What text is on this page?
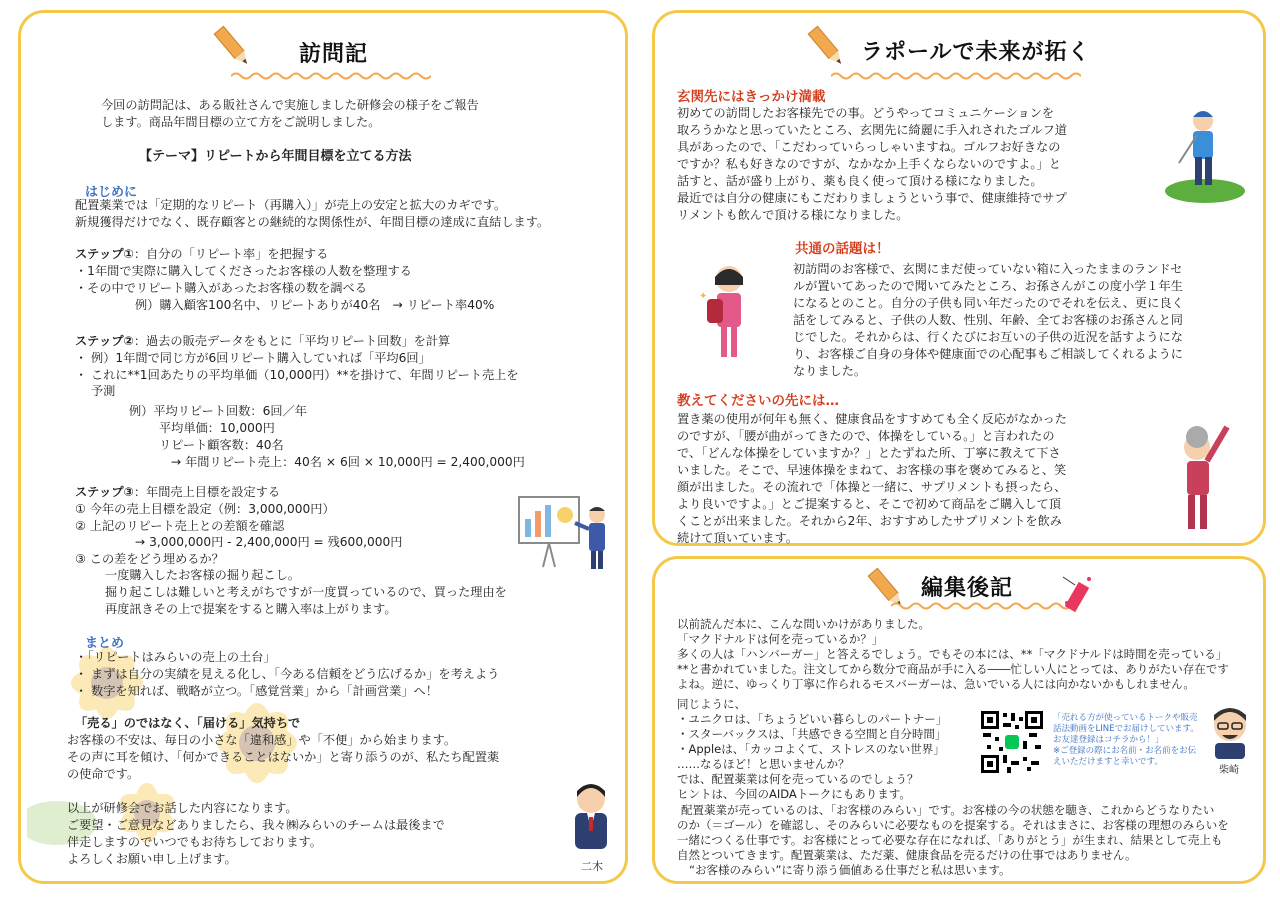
訪問記
今回の訪問記は、ある販社さんで実施しました研修会の様子をご報告
します。商品年間目標の立て方をご説明しました。
【テーマ】リピートから年間目標を立てる方法
はじめに
配置薬業では「定期的なリピート（再購入）」が売上の安定と拡大のカギです。
新規獲得だけでなく、既存顧客との継続的な関係性が、年間目標の達成に直結します。
ステップ①：自分の「リピート率」を把握する
・1年間で実際に購入してくださったお客様の人数を整理する
・その中でリピート購入があったお客様の数を調べる
例）購入顧客100名中、リピートありが40名　→ リピート率40%
ステップ②：過去の販売データをもとに「平均リピート回数」を計算
・ 例）1年間で同じ方が6回リピート購入していれば「平均6回」
・ これに**1回あたりの平均単価（10,000円）**を掛けて、年間リピート売上を
予測
例）平均リピート回数：6回／年
平均単価：10,000円
リピート顧客数：40名
→ 年間リピート売上：40名 × 6回 × 10,000円 = 2,400,000円
ステップ③：年間売上目標を設定する
① 今年の売上目標を設定（例：3,000,000円）
② 上記のリピート売上との差額を確認
→ 3,000,000円 - 2,400,000円 = 残600,000円
③ この差をどう埋めるか？
一度購入したお客様の掘り起こし。
掘り起こしは難しいと考えがちですが一度買っているので、買った理由を
再度訊きその上で提案をすると購入率は上がります。
まとめ
・「リピートはみらいの売上の土台」
・ まずは自分の実績を見える化し、「今ある信頼をどう広げるか」を考えよう
・ 数字を知れば、戦略が立つ。「感覚営業」から「計画営業」へ！
「売る」のではなく、「届ける」気持ちで
お客様の不安は、毎日の小さな「違和感」や「不便」から始まります。
その声に耳を傾け、「何かできることはないか」と寄り添うのが、私たち配置薬
の使命です。
以上が研修会でお話した内容になります。
ご要望・ご意見などありましたら、我々㈱みらいのチームは最後まで
伴走しますのでいつでもお待ちしております。
よろしくお願い申し上げます。
二木
ラポールで未来が拓く
玄関先にはきっかけ満載
初めての訪問したお客様先での事。どうやってコミュニケーションを
取ろうかなと思っていたところ、玄関先に綺麗に手入れされたゴルフ道
具があったので、「こだわっていらっしゃいますね。ゴルフお好きなの
ですか？私も好きなのですが、なかなか上手くならないのですよ。」と
話すと、話が盛り上がり、薬も良く使って頂ける様になりました。
最近では自分の健康にもこだわりましょうという事で、健康維持でサプ
リメントも飲んで頂ける様になりました。
共通の話題は！
初訪問のお客様で、玄関にまだ使っていない箱に入ったままのランドセ
ルが置いてあったので聞いてみたところ、お孫さんがこの度小学１年生
になるとのこと。自分の子供も同い年だったのでそれを伝え、更に良く
話をしてみると、子供の人数、性別、年齢、全てお客様のお孫さんと同
じでした。それからは、行くたびにお互いの子供の近況を話すようにな
り、お客様ご自身の身体や健康面での心配事もご相談してくれるように
なりました。
✦
教えてくださいの先には…
置き薬の使用が何年も無く、健康食品をすすめても全く反応がなかった
のですが、「腰が曲がってきたので、体操をしている。」と言われたの
で、「どんな体操をしていますか？」とたずねた所、丁寧に教えて下さ
いました。そこで、早速体操をまねて、お客様の事を褒めてみると、笑
顔が出ました。その流れで「体操と一緒に、サプリメントも摂ったら、
より良いですよ。」とご提案すると、そこで初めて商品をご購入して頂
くことが出来ました。それから2年、おすすめしたサプリメントを飲み
続けて頂いています。
編集後記
以前読んだ本に、こんな問いかけがありました。
「マクドナルドは何を売っているか？」
多くの人は「ハンバーガー」と答えるでしょう。でもその本には、**「マクドナルドは時間を売っている」
**と書かれていました。注文してから数分で商品が手に入る――忙しい人にとっては、ありがたい存在です
よね。逆に、ゆっくり丁寧に作られるモスバーガーは、急いでいる人には向かないかもしれません。
同じように、
・ユニクロは、「ちょうどいい暮らしのパートナー」
・スターバックスは、「共感できる空間と自分時間」
・Appleは、「カッコよくて、ストレスのない世界」
……なるほど！と思いませんか？
では、配置薬業は何を売っているのでしょう？
ヒントは、今回のAIDAトークにもあります。
「売れる方が使っているトークや販売
話法動画をLINEでお届けしています。
お友達登録はコチラから！」
※ご登録の際にお名前・お名前をお伝
えいただけますと幸いです。
柴崎
配置薬業が売っているのは、「お客様のみらい」です。お客様の今の状態を聴き、これからどうなりたい
のか（＝ゴール）を確認し、そのみらいに必要なものを提案する。それはまさに、お客様の理想のみらいを
一緒につくる仕事です。お客様にとって必要な存在になれば、「ありがとう」が生まれ、結果として売上も
自然とついてきます。配置薬業は、ただ薬、健康食品を売るだけの仕事ではありません。
“お客様のみらい”に寄り添う価値ある仕事だと私は思います。
